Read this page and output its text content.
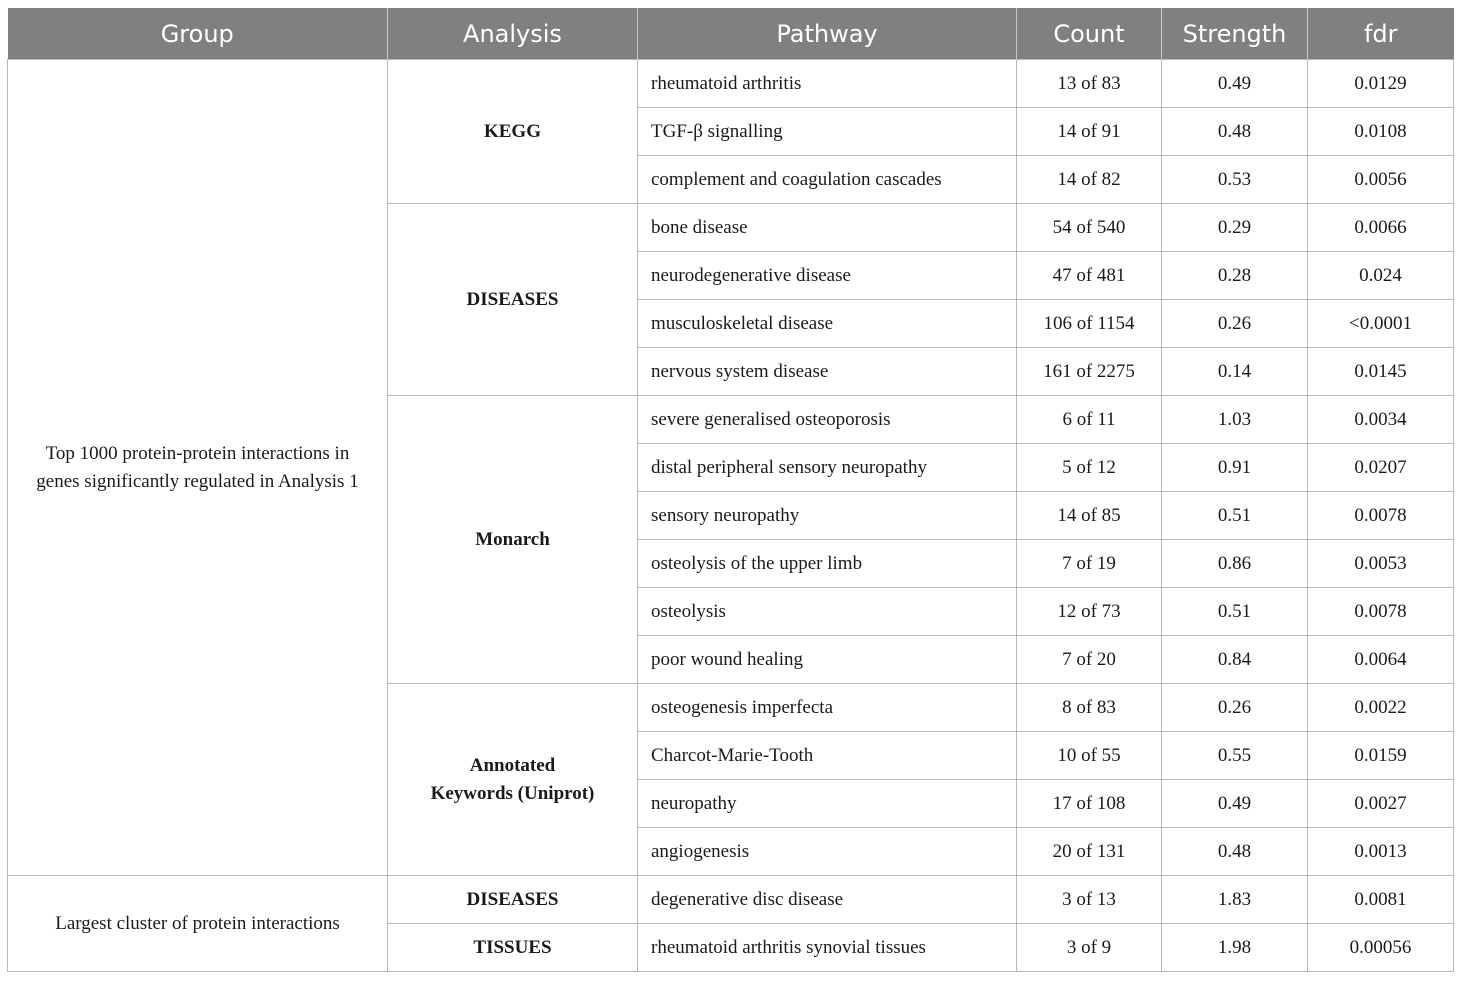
Group	Analysis	Pathway	Count	Strength	fdr
Top 1000 protein-protein interactions in
genes significantly regulated in Analysis 1	KEGG	rheumatoid arthritis	13 of 83	0.49	0.0129
		TGF-β signalling	14 of 91	0.48	0.0108
		complement and coagulation cascades	14 of 82	0.53	0.0056
	DISEASES	bone disease	54 of 540	0.29	0.0066
		neurodegenerative disease	47 of 481	0.28	0.024
		musculoskeletal disease	106 of 1154	0.26	<0.0001
		nervous system disease	161 of 2275	0.14	0.0145
	Monarch	severe generalised osteoporosis	6 of 11	1.03	0.0034
		distal peripheral sensory neuropathy	5 of 12	0.91	0.0207
		sensory neuropathy	14 of 85	0.51	0.0078
		osteolysis of the upper limb	7 of 19	0.86	0.0053
		osteolysis	12 of 73	0.51	0.0078
		poor wound healing	7 of 20	0.84	0.0064
	Annotated
Keywords (Uniprot)	osteogenesis imperfecta	8 of 83	0.26	0.0022
		Charcot-Marie-Tooth	10 of 55	0.55	0.0159
		neuropathy	17 of 108	0.49	0.0027
		angiogenesis	20 of 131	0.48	0.0013
Largest cluster of protein interactions	DISEASES	degenerative disc disease	3 of 13	1.83	0.0081
	TISSUES	rheumatoid arthritis synovial tissues	3 of 9	1.98	0.00056
